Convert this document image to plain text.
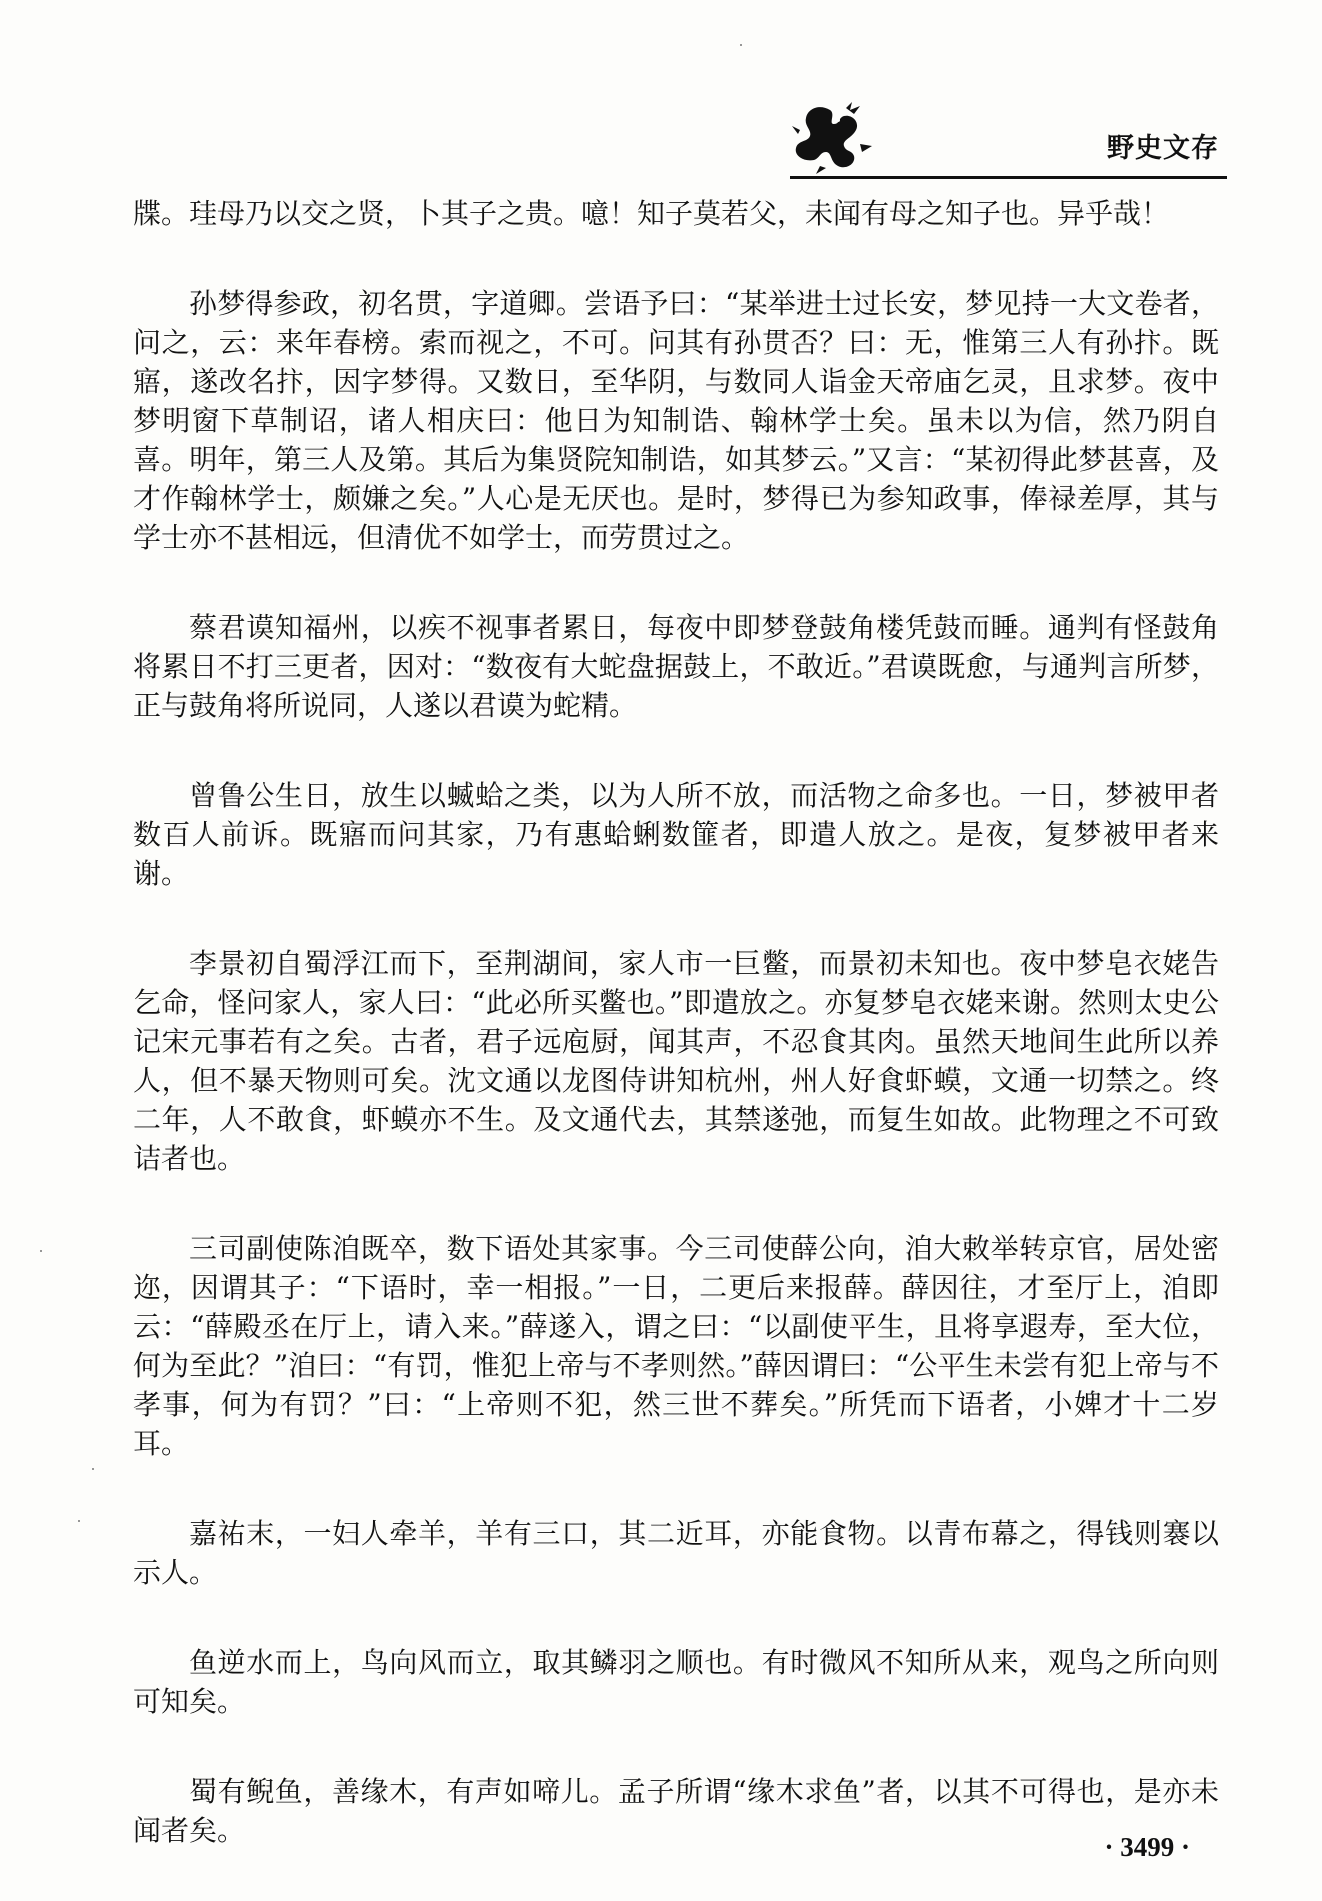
野史文存

牒。珪母乃以交之贤，卜其子之贵。噫！知子莫若父，未闻有母之知子也。异乎哉！

孙梦得参政，初名贯，字道卿。尝语予曰：“某举进士过长安，梦见持一大文卷者，问之，云：来年春榜。索而视之，不可。问其有孙贯否？曰：无，惟第三人有孙抃。既寤，遂改名抃，因字梦得。又数日，至华阴，与数同人诣金天帝庙乞灵，且求梦。夜中梦明窗下草制诏，诸人相庆曰：他日为知制诰、翰林学士矣。虽未以为信，然乃阴自喜。明年，第三人及第。其后为集贤院知制诰，如其梦云。”又言：“某初得此梦甚喜，及才作翰林学士，颇嫌之矣。”人心是无厌也。是时，梦得已为参知政事，俸禄差厚，其与学士亦不甚相远，但清优不如学士，而劳贯过之。

蔡君谟知福州，以疾不视事者累日，每夜中即梦登鼓角楼凭鼓而睡。通判有怪鼓角将累日不打三更者，因对：“数夜有大蛇盘据鼓上，不敢近。”君谟既愈，与通判言所梦，正与鼓角将所说同，人遂以君谟为蛇精。

曾鲁公生日，放生以蝛蛤之类，以为人所不放，而活物之命多也。一日，梦被甲者数百人前诉。既寤而问其家，乃有惠蛤蜊数篚者，即遣人放之。是夜，复梦被甲者来谢。

李景初自蜀浮江而下，至荆湖间，家人市一巨鳖，而景初未知也。夜中梦皂衣姥告乞命，怪问家人，家人曰：“此必所买鳖也。”即遣放之。亦复梦皂衣姥来谢。然则太史公记宋元事若有之矣。古者，君子远庖厨，闻其声，不忍食其肉。虽然天地间生此所以养人，但不暴天物则可矣。沈文通以龙图侍讲知杭州，州人好食虾蟆，文通一切禁之。终二年，人不敢食，虾蟆亦不生。及文通代去，其禁遂弛，而复生如故。此物理之不可致诘者也。

三司副使陈洎既卒，数下语处其家事。今三司使薛公向，洎大敕举转京官，居处密迩，因谓其子：“下语时，幸一相报。”一日，二更后来报薛。薛因往，才至厅上，洎即云：“薛殿丞在厅上，请入来。”薛遂入，谓之曰：“以副使平生，且将享遐寿，至大位，何为至此？”洎曰：“有罚，惟犯上帝与不孝则然。”薛因谓曰：“公平生未尝有犯上帝与不孝事，何为有罚？”曰：“上帝则不犯，然三世不葬矣。”所凭而下语者，小婢才十二岁耳。

嘉祐末，一妇人牵羊，羊有三口，其二近耳，亦能食物。以青布幕之，得钱则褰以示人。

鱼逆水而上，鸟向风而立，取其鳞羽之顺也。有时微风不知所从来，观鸟之所向则可知矣。

蜀有鲵鱼，善缘木，有声如啼儿。孟子所谓“缘木求鱼”者，以其不可得也，是亦未闻者矣。	· 3499 ·
